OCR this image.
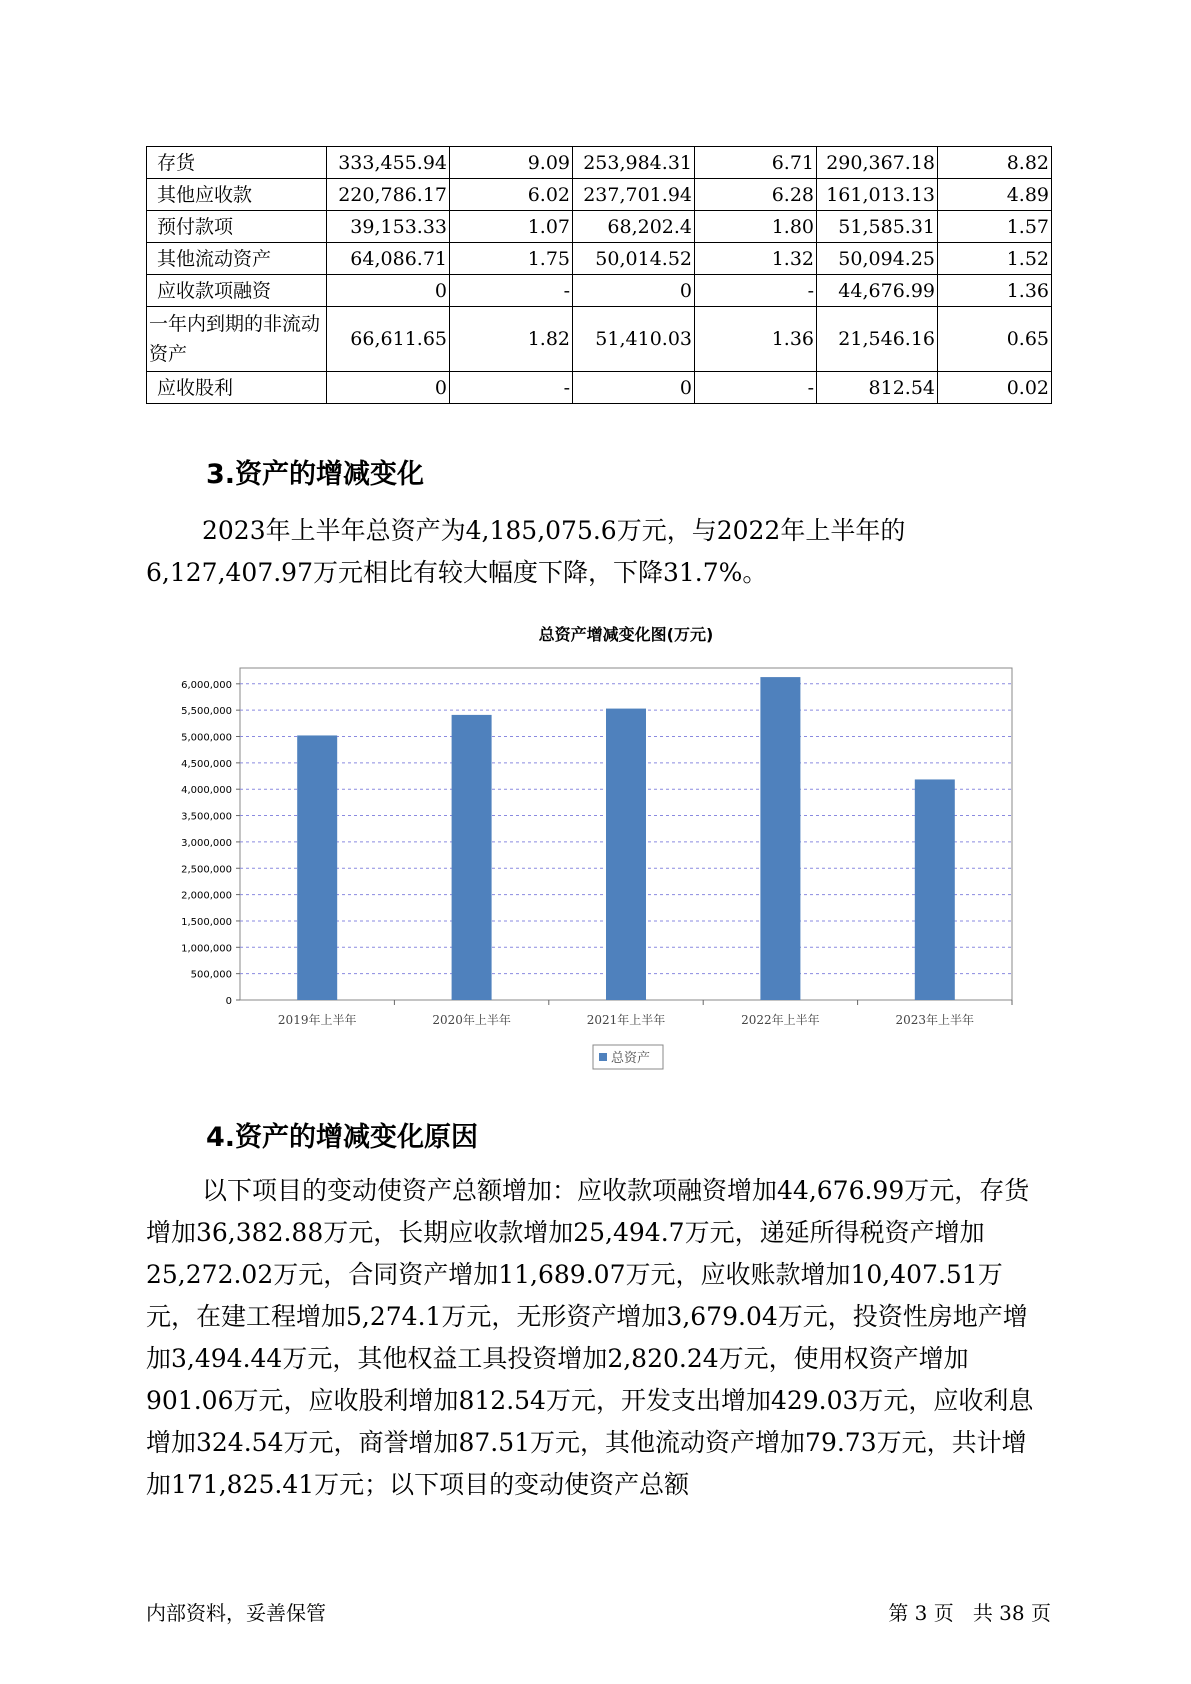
存货	333,455.94	9.09	253,984.31	6.71	290,367.18	8.82
其他应收款	220,786.17	6.02	237,701.94	6.28	161,013.13	4.89
预付款项	39,153.33	1.07	68,202.4	1.80	51,585.31	1.57
其他流动资产	64,086.71	1.75	50,014.52	1.32	50,094.25	1.52
应收款项融资	0	-	0	-	44,676.99	1.36
一年内到期的非流动资产	66,611.65	1.82	51,410.03	1.36	21,546.16	0.65
应收股利	0	-	0	-	812.54	0.02
3.资产的增减变化
2023年上半年总资产为4,185,075.6万元，与2022年上半年的6,127,407.97万元相比有较大幅度下降，下降31.7%。
总资产增减变化图(万元)
0
500,000
1,000,000
1,500,000
2,000,000
2,500,000
3,000,000
3,500,000
4,000,000
4,500,000
5,000,000
5,500,000
6,000,000
2019年上半年	2020年上半年	2021年上半年	2022年上半年	2023年上半年
总资产
4.资产的增减变化原因
以下项目的变动使资产总额增加：应收款项融资增加44,676.99万元，存货增加36,382.88万元，长期应收款增加25,494.7万元，递延所得税资产增加25,272.02万元，合同资产增加11,689.07万元，应收账款增加10,407.51万元，在建工程增加5,274.1万元，无形资产增加3,679.04万元，投资性房地产增加3,494.44万元，其他权益工具投资增加2,820.24万元，使用权资产增加901.06万元，应收股利增加812.54万元，开发支出增加429.03万元，应收利息增加324.54万元，商誉增加87.51万元，其他流动资产增加79.73万元，共计增加171,825.41万元；以下项目的变动使资产总额
内部资料，妥善保管	第 3 页   共 38 页
